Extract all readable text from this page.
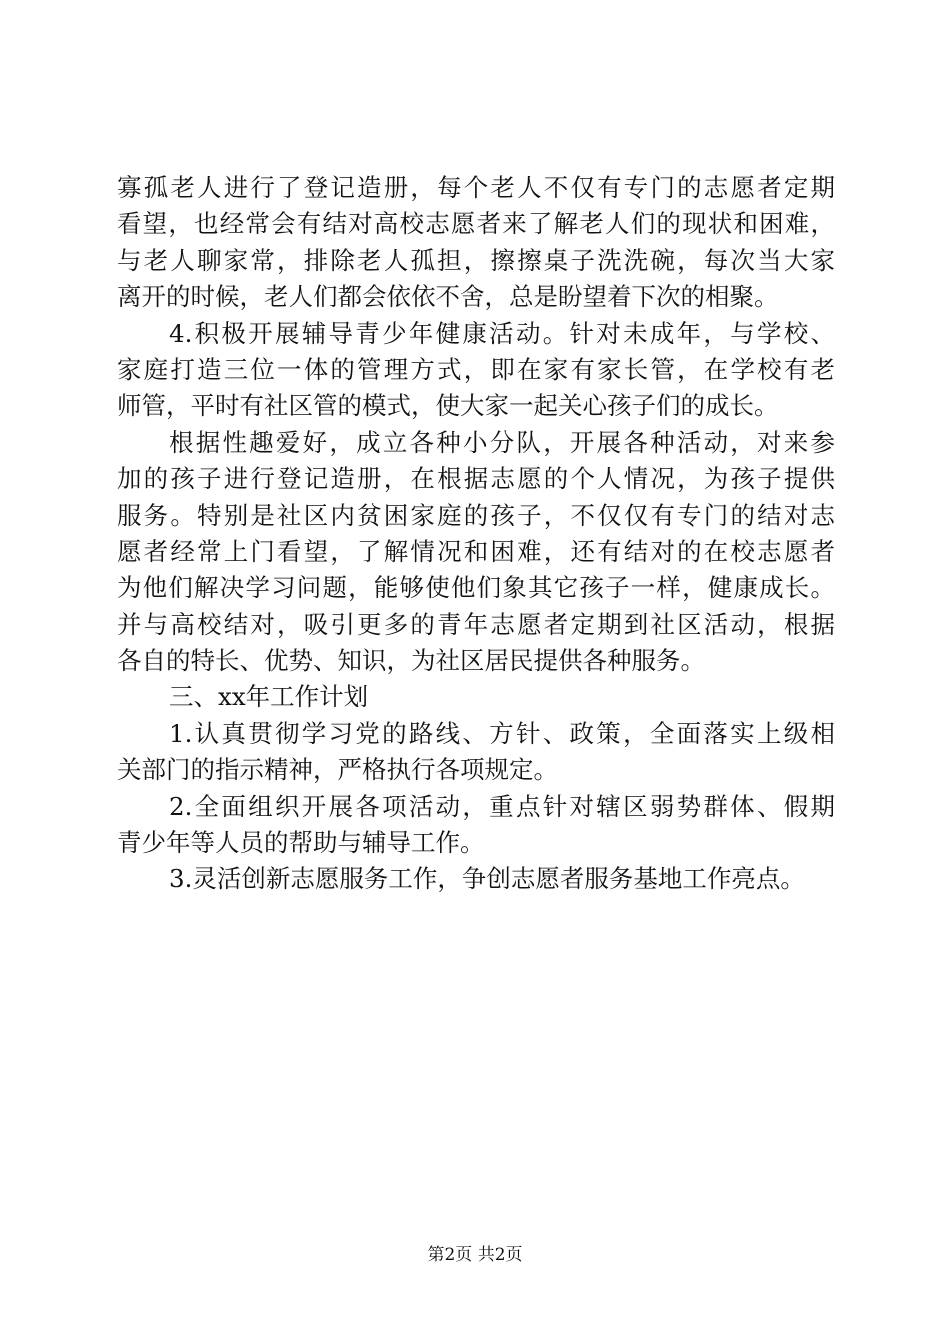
寡孤老人进行了登记造册，每个老人不仅有专门的志愿者定期
看望，也经常会有结对高校志愿者来了解老人们的现状和困难，
与老人聊家常，排除老人孤担，擦擦桌子洗洗碗，每次当大家
离开的时候，老人们都会依依不舍，总是盼望着下次的相聚。
4.积极开展辅导青少年健康活动。针对未成年，与学校、
家庭打造三位一体的管理方式，即在家有家长管，在学校有老
师管，平时有社区管的模式，使大家一起关心孩子们的成长。
根据性趣爱好，成立各种小分队，开展各种活动，对来参
加的孩子进行登记造册，在根据志愿的个人情况，为孩子提供
服务。特别是社区内贫困家庭的孩子，不仅仅有专门的结对志
愿者经常上门看望，了解情况和困难，还有结对的在校志愿者
为他们解决学习问题，能够使他们象其它孩子一样，健康成长。
并与高校结对，吸引更多的青年志愿者定期到社区活动，根据
各自的特长、优势、知识，为社区居民提供各种服务。
三、xx年工作计划
1.认真贯彻学习党的路线、方针、政策，全面落实上级相
关部门的指示精神，严格执行各项规定。
2.全面组织开展各项活动，重点针对辖区弱势群体、假期
青少年等人员的帮助与辅导工作。
3.灵活创新志愿服务工作，争创志愿者服务基地工作亮点。
第2页 共2页
